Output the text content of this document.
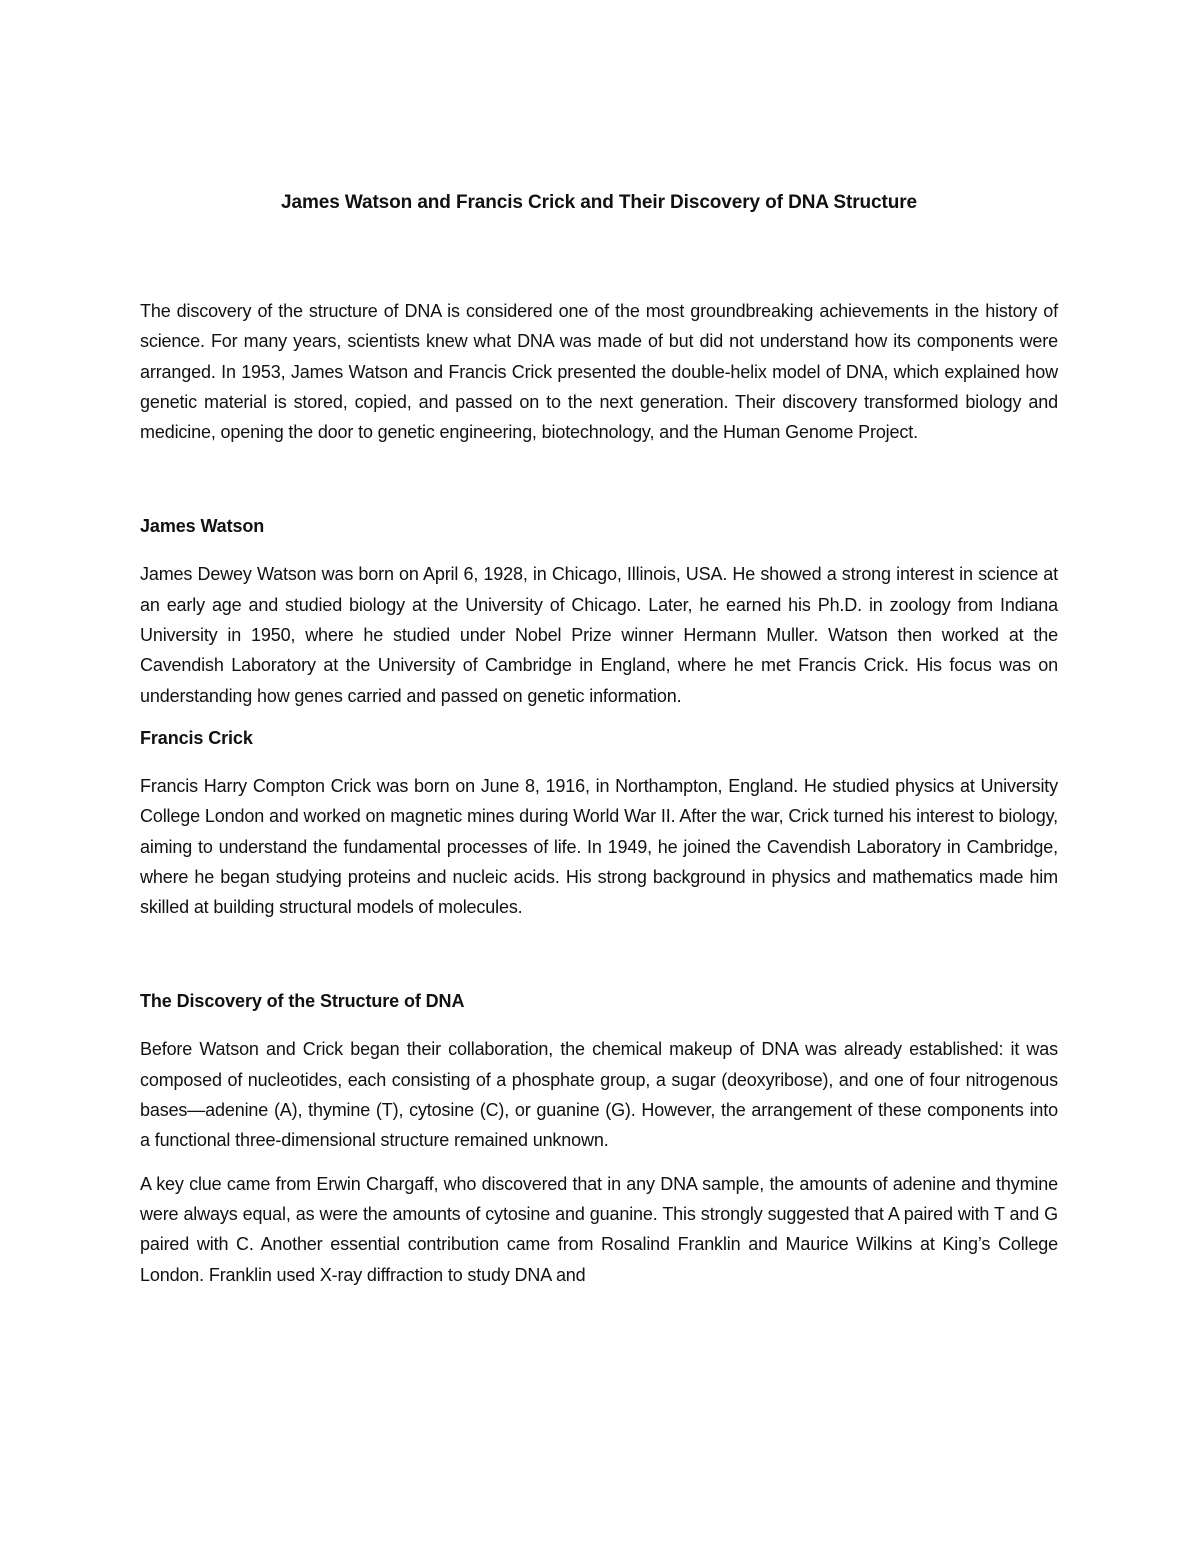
James Watson and Francis Crick and Their Discovery of DNA Structure

The discovery of the structure of DNA is considered one of the most groundbreaking achievements in the history of science. For many years, scientists knew what DNA was made of but did not understand how its components were arranged. In 1953, James Watson and Francis Crick presented the double-helix model of DNA, which explained how genetic material is stored, copied, and passed on to the next generation. Their discovery transformed biology and medicine, opening the door to genetic engineering, biotechnology, and the Human Genome Project.

James Watson

James Dewey Watson was born on April 6, 1928, in Chicago, Illinois, USA. He showed a strong interest in science at an early age and studied biology at the University of Chicago. Later, he earned his Ph.D. in zoology from Indiana University in 1950, where he studied under Nobel Prize winner Hermann Muller. Watson then worked at the Cavendish Laboratory at the University of Cambridge in England, where he met Francis Crick. His focus was on understanding how genes carried and passed on genetic information.

Francis Crick

Francis Harry Compton Crick was born on June 8, 1916, in Northampton, England. He studied physics at University College London and worked on magnetic mines during World War II. After the war, Crick turned his interest to biology, aiming to understand the fundamental processes of life. In 1949, he joined the Cavendish Laboratory in Cambridge, where he began studying proteins and nucleic acids. His strong background in physics and mathematics made him skilled at building structural models of molecules.

The Discovery of the Structure of DNA

Before Watson and Crick began their collaboration, the chemical makeup of DNA was already established: it was composed of nucleotides, each consisting of a phosphate group, a sugar (deoxyribose), and one of four nitrogenous bases—adenine (A), thymine (T), cytosine (C), or guanine (G). However, the arrangement of these components into a functional three-dimensional structure remained unknown.

A key clue came from Erwin Chargaff, who discovered that in any DNA sample, the amounts of adenine and thymine were always equal, as were the amounts of cytosine and guanine. This strongly suggested that A paired with T and G paired with C. Another essential contribution came from Rosalind Franklin and Maurice Wilkins at King’s College London. Franklin used X-ray diffraction to study DNA and
